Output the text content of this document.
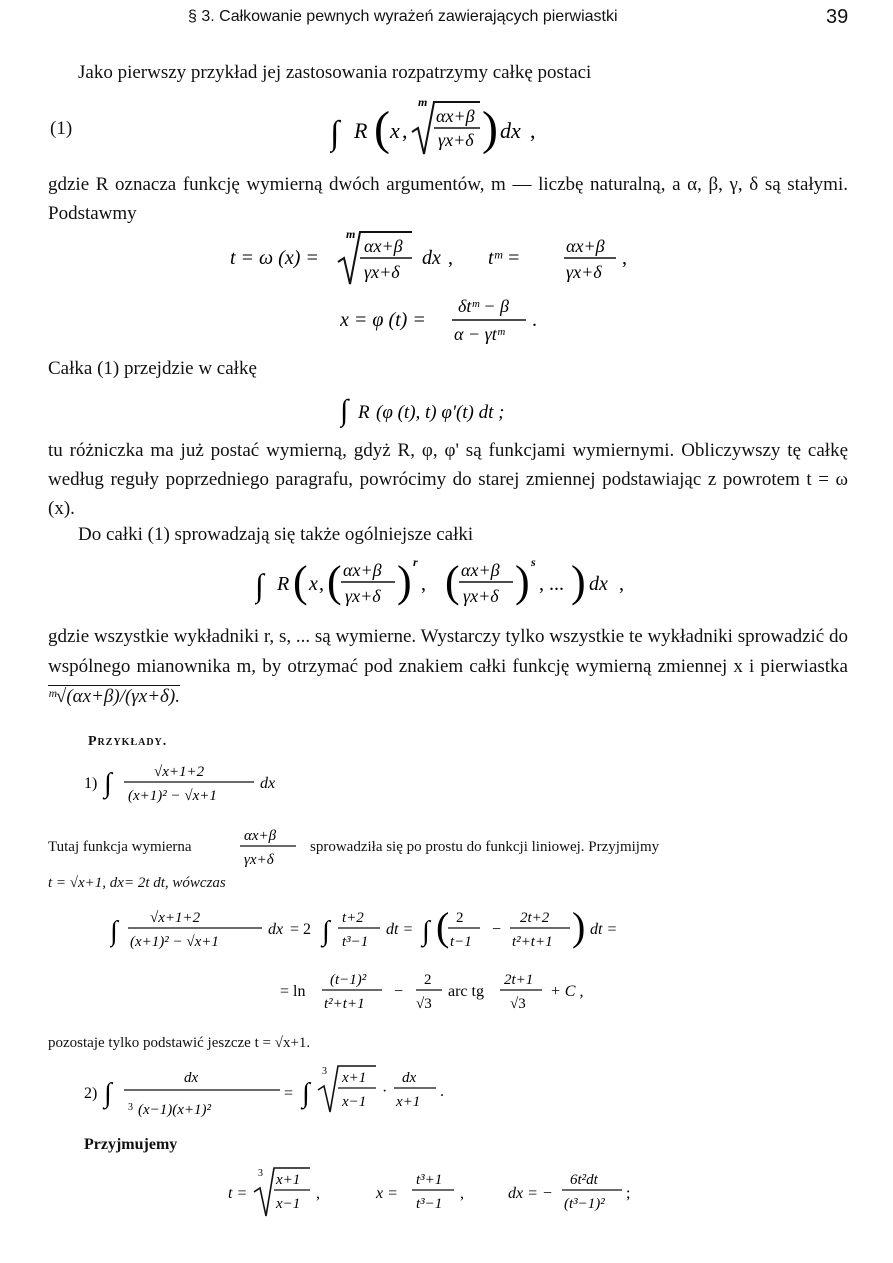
§ 3. Całkowanie pewnych wyrażeń zawierających pierwiastki	39

Jako pierwszy przykład jej zastosowania rozpatrzymy całkę postaci

(1)	∫ R ( x ,
m
αx+β
γx+δ ) dx ,

gdzie R oznacza funkcję wymierną dwóch argumentów, m — liczbę naturalną, a α, β, γ, δ są stałymi. Podstawmy

t = ω (x) =
m
αx+β
γx+δ
dx , tᵐ =
αx+β
γx+δ
,
x = φ (t) =
δtᵐ − β
α − γtᵐ
.

Całka (1) przejdzie w całkę

∫ R (φ (t), t) φ'(t) dt ;

tu różniczka ma już postać wymierną, gdyż R, φ, φ' są funkcjami wymiernymi. Obliczywszy tę całkę według reguły poprzedniego paragrafu, powrócimy do starej zmiennej podstawiając z powrotem t = ω (x).

Do całki (1) sprowadzają się także ogólniejsze całki

∫ R ( x , ( αx+β
γx+δ ) r
, ( αx+β
γx+δ ) s
, ... ) dx ,

gdzie wszystkie wykładniki r, s, ... są wymierne. Wystarczy tylko wszystkie te wykładniki sprowadzić do wspólnego mianownika m, by otrzymać pod znakiem całki funkcję wymierną zmiennej x i pierwiastka ᵐ√(αx+β)/(γx+δ).

Przykłady.
1) ∫	√x+1+2
(x+1)² − √x+1
dx
Tutaj funkcja wymierna
αx+β
γx+δ
sprowadziła się po prostu do funkcji liniowej. Przyjmijmy
t = √x+1, dx= 2t dt, wówczas
∫ √x+1+2
(x+1)² − √x+1
dx = 2 ∫ t+2
t³−1
dt = ∫ ( 2
t−1
−
2t+2
t²+t+1 ) dt =
= ln
(t−1)²
t²+t+1
−
2
√3
arc tg
2t+1
√3
+ C ,
pozostaje tylko podstawić jeszcze t = √x+1.
2) ∫	dx
3 (x−1)(x+1)²
= ∫
3 x+1
x−1
·
dx
x+1
.
Przyjmujemy
t =
3 x+1
x−1
,	x =
t³+1
t³−1
,	dx = −
6t²dt
(t³−1)²
;
